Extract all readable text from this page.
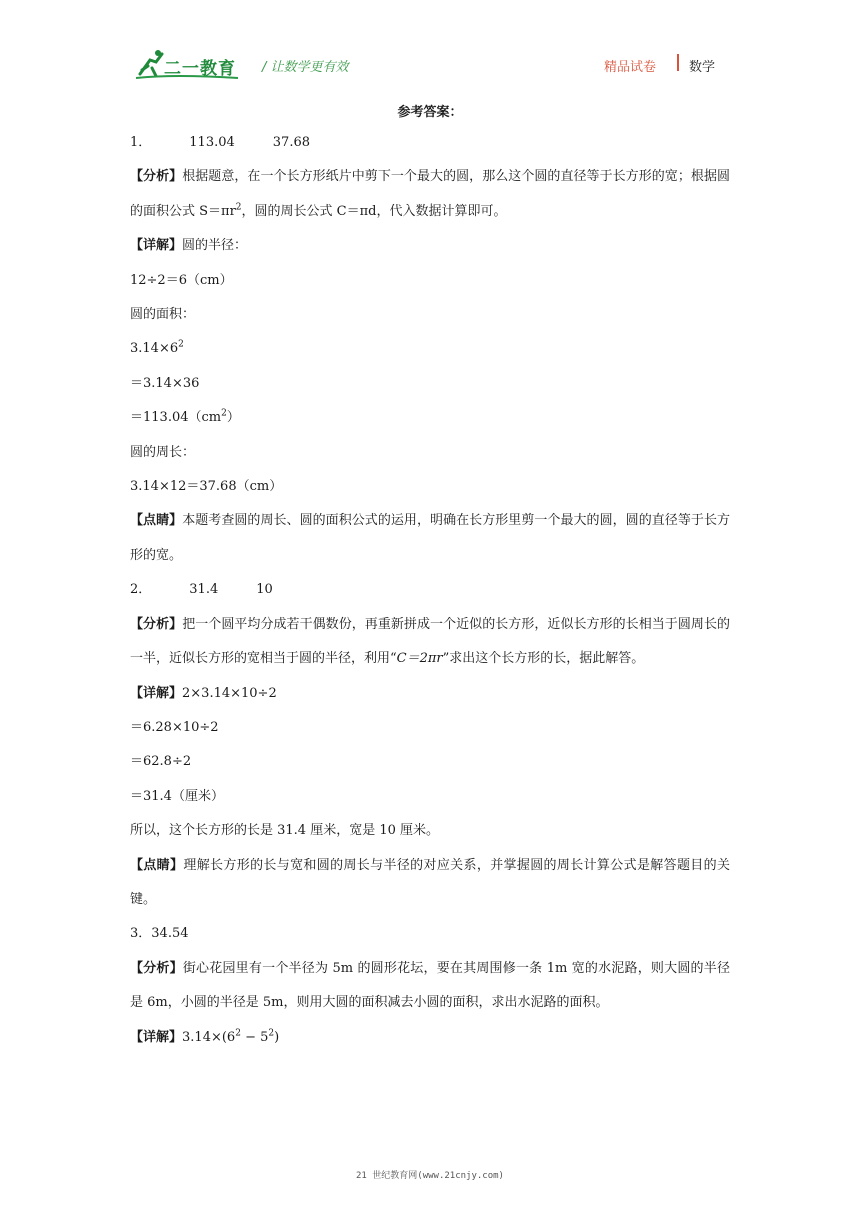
二一教育 / 让数学更有效	精品试卷	数学
参考答案：
1．	113.04	37.68
【分析】根据题意，在一个长方形纸片中剪下一个最大的圆，那么这个圆的直径等于长方形的宽；根据圆的面积公式 $S=\pi r^2$，圆的周长公式 C＝πd，代入数据计算即可。
【详解】圆的半径：
12÷2＝6（cm）
圆的面积：
$3.14\times 6^2$
＝3.14×36
$=113.04(cm^2)$
圆的周长：
3.14×12＝37.68（cm）
【点睛】本题考查圆的周长、圆的面积公式的运用，明确在长方形里剪一个最大的圆，圆的直径等于长方形的宽。
2．	31.4	10
【分析】把一个圆平均分成若干偶数份，再重新拼成一个近似的长方形，近似长方形的长相当于圆周长的一半，近似长方形的宽相当于圆的半径，利用“C＝2πr”求出这个长方形的长，据此解答。
【详解】2×3.14×10÷2
＝6.28×10÷2
＝62.8÷2
＝31.4（厘米）
所以，这个长方形的长是 31.4 厘米，宽是 10 厘米。
【点睛】理解长方形的长与宽和圆的周长与半径的对应关系，并掌握圆的周长计算公式是解答题目的关键。
3．34.54
【分析】街心花园里有一个半径为 5m 的圆形花坛，要在其周围修一条 1m 宽的水泥路，则大圆的半径是 6m，小圆的半径是 5m，则用大圆的面积减去小圆的面积，求出水泥路的面积。
【详解】$3.14\times(6^2 - 5^2)$
21 世纪教育网(www.21cnjy.com)
